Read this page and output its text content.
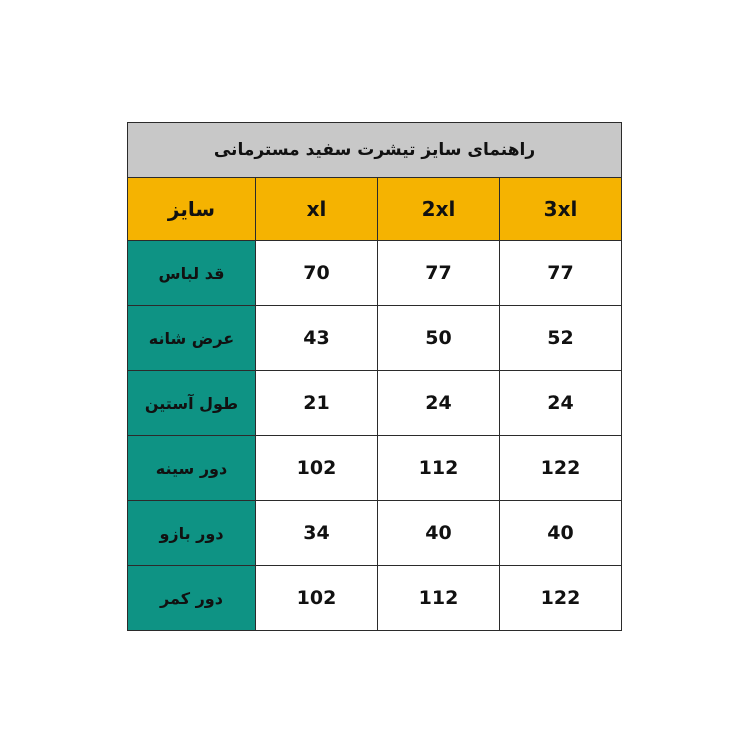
راهنمای سایز تیشرت سفید مسترمانی			
3xl	2xl	xl	سایز
77	77	70	قد لباس
52	50	43	عرض شانه
24	24	21	طول آستین
122	112	102	دور سینه
40	40	34	دور بازو
122	112	102	دور کمر
